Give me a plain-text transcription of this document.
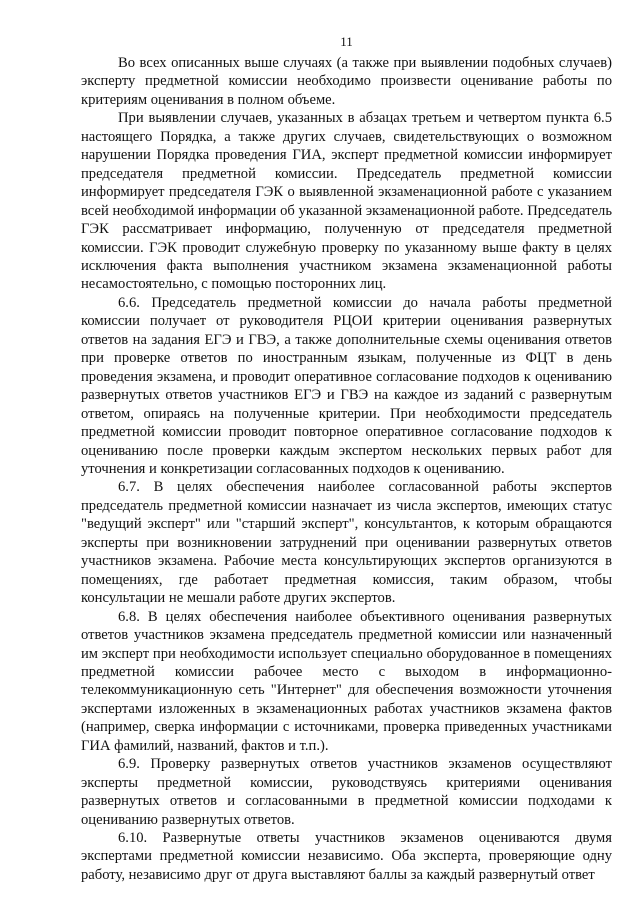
11

Во всех описанных выше случаях (а также при выявлении подобных случаев) эксперту предметной комиссии необходимо произвести оценивание работы по критериям оценивания в полном объеме.

При выявлении случаев, указанных в абзацах третьем и четвертом пункта 6.5 настоящего Порядка, а также других случаев, свидетельствующих о возможном нарушении Порядка проведения ГИА, эксперт предметной комиссии информирует председателя предметной комиссии. Председатель предметной комиссии информирует председателя ГЭК о выявленной экзаменационной работе с указанием всей необходимой информации об указанной экзаменационной работе. Председатель ГЭК рассматривает информацию, полученную от председателя предметной комиссии. ГЭК проводит служебную проверку по указанному выше факту в целях исключения факта выполнения участником экзамена экзаменационной работы несамостоятельно, с помощью посторонних лиц.

6.6. Председатель предметной комиссии до начала работы предметной комиссии получает от руководителя РЦОИ критерии оценивания развернутых ответов на задания ЕГЭ и ГВЭ, а также дополнительные схемы оценивания ответов при проверке ответов по иностранным языкам, полученные из ФЦТ в день проведения экзамена, и проводит оперативное согласование подходов к оцениванию развернутых ответов участников ЕГЭ и ГВЭ на каждое из заданий с развернутым ответом, опираясь на полученные критерии. При необходимости председатель предметной комиссии проводит повторное оперативное согласование подходов к оцениванию после проверки каждым экспертом нескольких первых работ для уточнения и конкретизации согласованных подходов к оцениванию.

6.7. В целях обеспечения наиболее согласованной работы экспертов председатель предметной комиссии назначает из числа экспертов, имеющих статус "ведущий эксперт" или "старший эксперт", консультантов, к которым обращаются эксперты при возникновении затруднений при оценивании развернутых ответов участников экзамена. Рабочие места консультирующих экспертов организуются в помещениях, где работает предметная комиссия, таким образом, чтобы консультации не мешали работе других экспертов.

6.8. В целях обеспечения наиболее объективного оценивания развернутых ответов участников экзамена председатель предметной комиссии или назначенный им эксперт при необходимости использует специально оборудованное в помещениях предметной комиссии рабочее место с выходом в информационно-телекоммуникационную сеть "Интернет" для обеспечения возможности уточнения экспертами изложенных в экзаменационных работах участников экзамена фактов (например, сверка информации с источниками, проверка приведенных участниками ГИА фамилий, названий, фактов и т.п.).

6.9. Проверку развернутых ответов участников экзаменов осуществляют эксперты предметной комиссии, руководствуясь критериями оценивания развернутых ответов и согласованными в предметной комиссии подходами к оцениванию развернутых ответов.

6.10. Развернутые ответы участников экзаменов оцениваются двумя экспертами предметной комиссии независимо. Оба эксперта, проверяющие одну работу, независимо друг от друга выставляют баллы за каждый развернутый ответ
